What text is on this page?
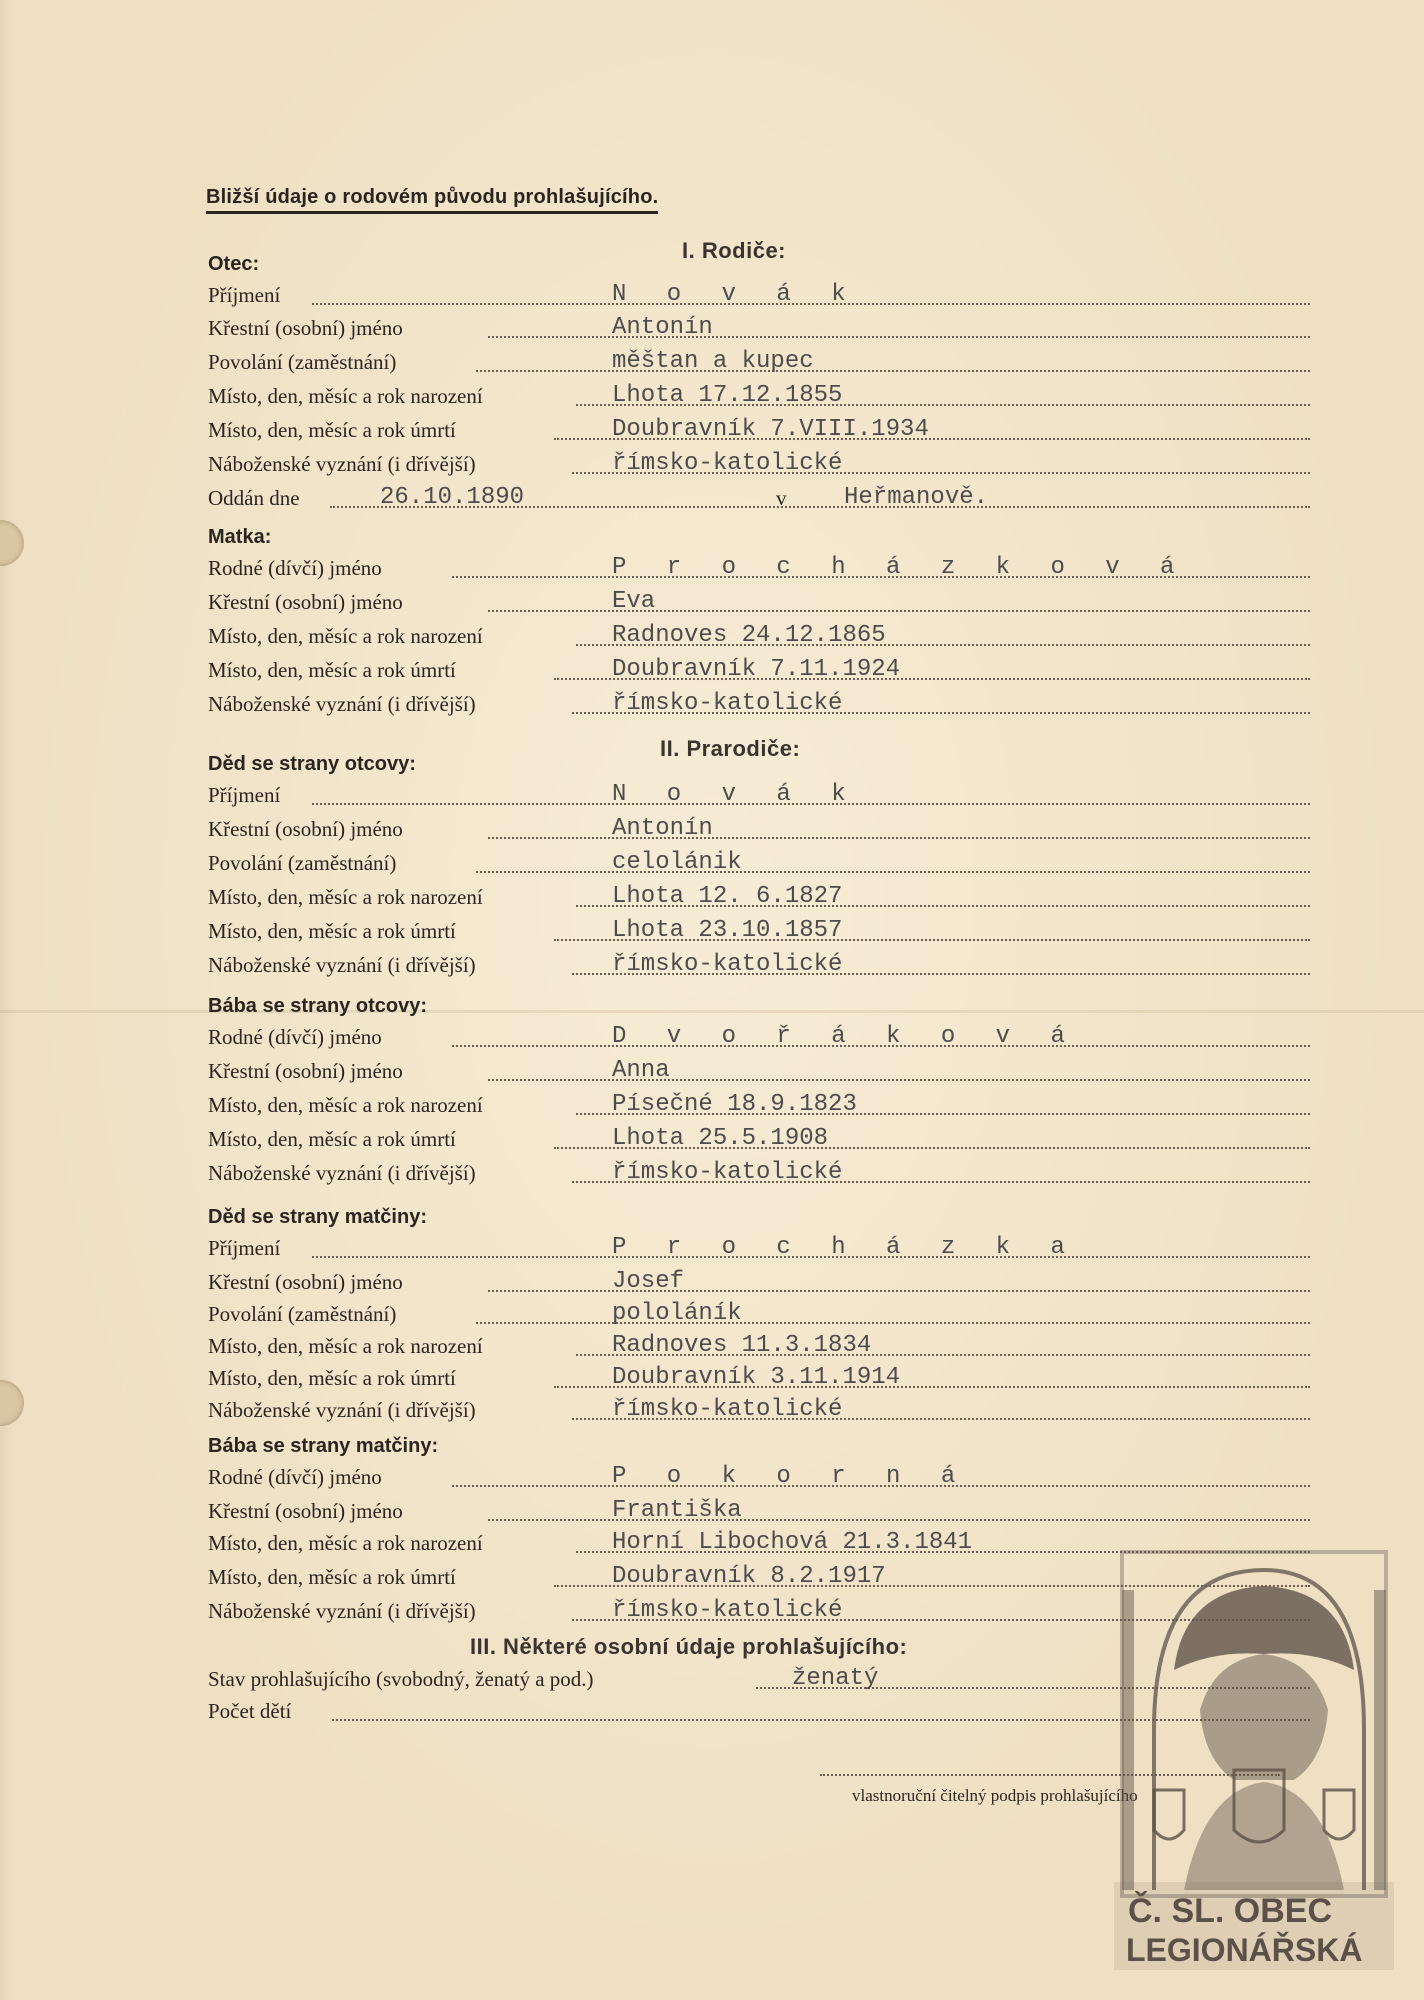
Bližší údaje o rodovém původu prohlašujícího.
I. Rodiče:
Otec:
Příjmení	N o v á k
Křestní (osobní) jméno	Antonín
Povolání (zaměstnání)	měštan a kupec
Místo, den, měsíc a rok narození	Lhota 17.12.1855
Místo, den, měsíc a rok úmrtí	Doubravník 7.VIII.1934
Náboženské vyznání (i dřívější)	římsko-katolické
Oddán dne	26.10.1890	v Heřmanově.
Matka:
Rodné (dívčí) jméno	P r o c h á z k o v á
Křestní (osobní) jméno	Eva
Místo, den, měsíc a rok narození	Radnoves 24.12.1865
Místo, den, měsíc a rok úmrtí	Doubravník 7.11.1924
Náboženské vyznání (i dřívější)	římsko-katolické
II. Prarodiče:
Děd se strany otcovy:
Příjmení	N o v á k
Křestní (osobní) jméno	Antonín
Povolání (zaměstnání)	celolánik
Místo, den, měsíc a rok narození	Lhota 12. 6.1827
Místo, den, měsíc a rok úmrtí	Lhota 23.10.1857
Náboženské vyznání (i dřívější)	římsko-katolické
Bába se strany otcovy:
Rodné (dívčí) jméno	D v o ř á k o v á
Křestní (osobní) jméno	Anna
Místo, den, měsíc a rok narození	Písečné 18.9.1823
Místo, den, měsíc a rok úmrtí	Lhota 25.5.1908
Náboženské vyznání (i dřívější)	římsko-katolické
Děd se strany matčiny:
Příjmení	P r o c h á z k a
Křestní (osobní) jméno	Josef
Povolání (zaměstnání)	pololáník
Místo, den, měsíc a rok narození	Radnoves 11.3.1834
Místo, den, měsíc a rok úmrtí	Doubravník 3.11.1914
Náboženské vyznání (i dřívější)	římsko-katolické
Bába se strany matčiny:
Rodné (dívčí) jméno	P o k o r n á
Křestní (osobní) jméno	Františka
Místo, den, měsíc a rok narození	Horní Libochová 21.3.1841
Místo, den, měsíc a rok úmrtí	Doubravník 8.2.1917
Náboženské vyznání (i dřívější)	římsko-katolické
III. Některé osobní údaje prohlašujícího:
Stav prohlašujícího (svobodný, ženatý a pod.)	ženatý
Počet dětí
vlastnoruční čitelný podpis prohlašujícího
Č. SL. OBEC
LEGIONÁŘSKÁ
